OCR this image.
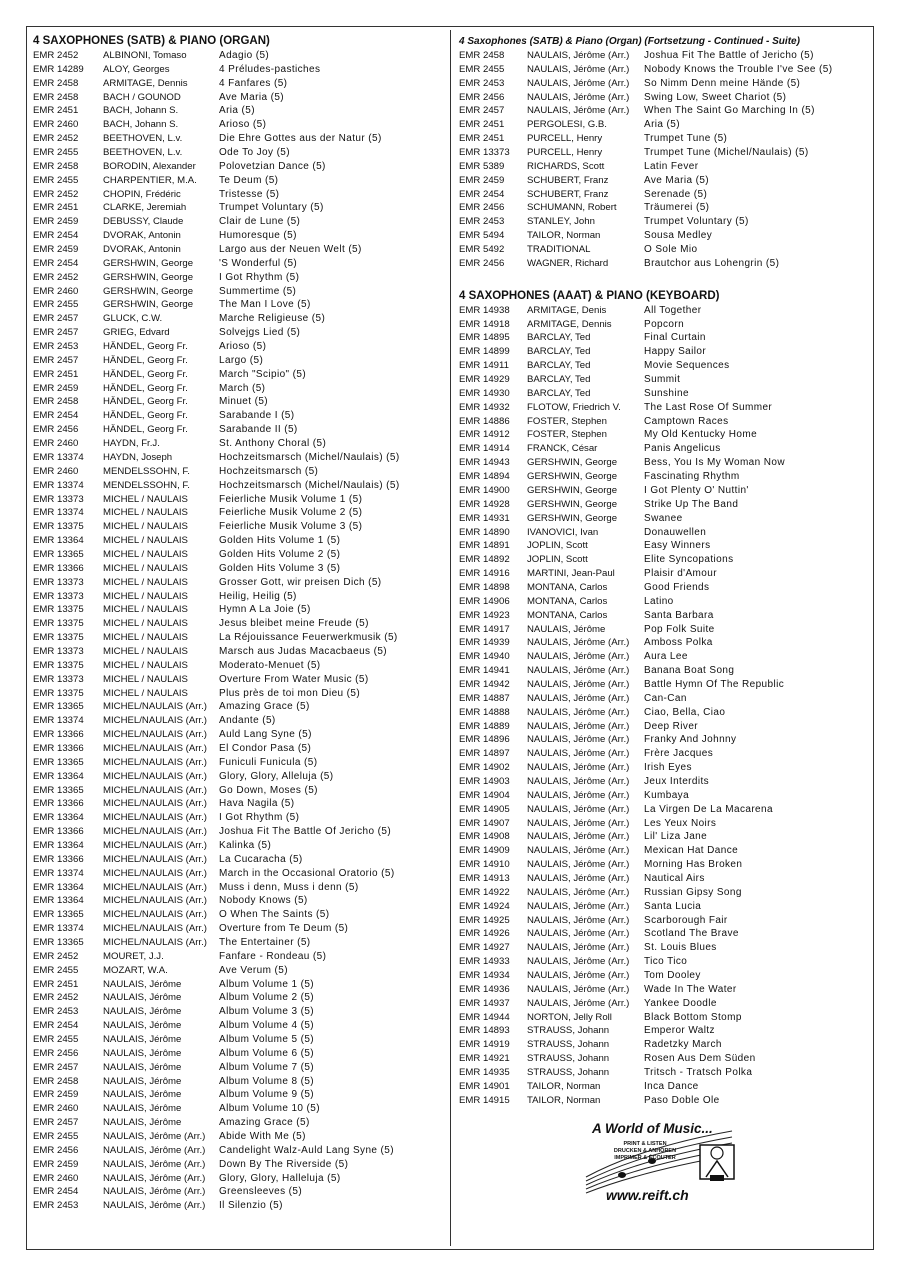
4 SAXOPHONES (SATB) & PIANO (ORGAN)
EMR 2452	ALBINONI, Tomaso	Adagio (5)
EMR 14289	ALOY, Georges	4 Préludes-pastiches
EMR 2458	ARMITAGE, Dennis	4 Fanfares (5)
EMR 2458	BACH / GOUNOD	Ave Maria (5)
EMR 2451	BACH, Johann S.	Aria (5)
EMR 2460	BACH, Johann S.	Arioso (5)
EMR 2452	BEETHOVEN, L.v.	Die Ehre Gottes aus der Natur (5)
EMR 2455	BEETHOVEN, L.v.	Ode To Joy (5)
EMR 2458	BORODIN, Alexander	Polovetzian Dance (5)
EMR 2455	CHARPENTIER, M.A.	Te Deum (5)
EMR 2452	CHOPIN, Frédéric	Tristesse (5)
EMR 2451	CLARKE, Jeremiah	Trumpet Voluntary (5)
EMR 2459	DEBUSSY, Claude	Clair de Lune (5)
EMR 2454	DVORAK, Antonin	Humoresque (5)
EMR 2459	DVORAK, Antonin	Largo aus der Neuen Welt (5)
EMR 2454	GERSHWIN, George	'S Wonderful (5)
EMR 2452	GERSHWIN, George	I Got Rhythm (5)
EMR 2460	GERSHWIN, George	Summertime (5)
EMR 2455	GERSHWIN, George	The Man I Love (5)
EMR 2457	GLUCK, C.W.	Marche Religieuse (5)
EMR 2457	GRIEG, Edvard	Solvejgs Lied (5)
EMR 2453	HÄNDEL, Georg Fr.	Arioso (5)
EMR 2457	HÄNDEL, Georg Fr.	Largo (5)
EMR 2451	HÄNDEL, Georg Fr.	March "Scipio" (5)
EMR 2459	HÄNDEL, Georg Fr.	March (5)
EMR 2458	HÄNDEL, Georg Fr.	Minuet (5)
EMR 2454	HÄNDEL, Georg Fr.	Sarabande I (5)
EMR 2456	HÄNDEL, Georg Fr.	Sarabande II (5)
EMR 2460	HAYDN, Fr.J.	St. Anthony Choral (5)
EMR 13374	HAYDN, Joseph	Hochzeitsmarsch (Michel/Naulais) (5)
EMR 2460	MENDELSSOHN, F.	Hochzeitsmarsch (5)
EMR 13374	MENDELSSOHN, F.	Hochzeitsmarsch (Michel/Naulais) (5)
EMR 13373	MICHEL / NAULAIS	Feierliche Musik Volume 1 (5)
EMR 13374	MICHEL / NAULAIS	Feierliche Musik Volume 2 (5)
EMR 13375	MICHEL / NAULAIS	Feierliche Musik Volume 3 (5)
EMR 13364	MICHEL / NAULAIS	Golden Hits Volume 1 (5)
EMR 13365	MICHEL / NAULAIS	Golden Hits Volume 2 (5)
EMR 13366	MICHEL / NAULAIS	Golden Hits Volume 3 (5)
EMR 13373	MICHEL / NAULAIS	Grosser Gott, wir preisen Dich (5)
EMR 13373	MICHEL / NAULAIS	Heilig, Heilig (5)
EMR 13375	MICHEL / NAULAIS	Hymn A La Joie (5)
EMR 13375	MICHEL / NAULAIS	Jesus bleibet meine Freude (5)
EMR 13375	MICHEL / NAULAIS	La Réjouissance Feuerwerkmusik (5)
EMR 13373	MICHEL / NAULAIS	Marsch aus Judas Macacbaeus (5)
EMR 13375	MICHEL / NAULAIS	Moderato-Menuet (5)
EMR 13373	MICHEL / NAULAIS	Overture From Water Music (5)
EMR 13375	MICHEL / NAULAIS	Plus près de toi mon Dieu (5)
EMR 13365	MICHEL/NAULAIS (Arr.)	Amazing Grace (5)
EMR 13374	MICHEL/NAULAIS (Arr.)	Andante (5)
EMR 13366	MICHEL/NAULAIS (Arr.)	Auld Lang Syne (5)
EMR 13366	MICHEL/NAULAIS (Arr.)	El Condor Pasa (5)
EMR 13365	MICHEL/NAULAIS (Arr.)	Funiculi Funicula (5)
EMR 13364	MICHEL/NAULAIS (Arr.)	Glory, Glory, Alleluja (5)
EMR 13365	MICHEL/NAULAIS (Arr.)	Go Down, Moses (5)
EMR 13366	MICHEL/NAULAIS (Arr.)	Hava Nagila (5)
EMR 13364	MICHEL/NAULAIS (Arr.)	I Got Rhythm (5)
EMR 13366	MICHEL/NAULAIS (Arr.)	Joshua Fit The Battle Of Jericho (5)
EMR 13364	MICHEL/NAULAIS (Arr.)	Kalinka (5)
EMR 13366	MICHEL/NAULAIS (Arr.)	La Cucaracha (5)
EMR 13374	MICHEL/NAULAIS (Arr.)	March in the Occasional Oratorio (5)
EMR 13364	MICHEL/NAULAIS (Arr.)	Muss i denn, Muss i denn (5)
EMR 13364	MICHEL/NAULAIS (Arr.)	Nobody Knows (5)
EMR 13365	MICHEL/NAULAIS (Arr.)	O When The Saints (5)
EMR 13374	MICHEL/NAULAIS (Arr.)	Overture from Te Deum (5)
EMR 13365	MICHEL/NAULAIS (Arr.)	The Entertainer (5)
EMR 2452	MOURET, J.J.	Fanfare - Rondeau (5)
EMR 2455	MOZART, W.A.	Ave Verum (5)
EMR 2451	NAULAIS, Jérôme	Album Volume 1 (5)
EMR 2452	NAULAIS, Jérôme	Album Volume 2 (5)
EMR 2453	NAULAIS, Jérôme	Album Volume 3 (5)
EMR 2454	NAULAIS, Jérôme	Album Volume 4 (5)
EMR 2455	NAULAIS, Jérôme	Album Volume 5 (5)
EMR 2456	NAULAIS, Jérôme	Album Volume 6 (5)
EMR 2457	NAULAIS, Jérôme	Album Volume 7 (5)
EMR 2458	NAULAIS, Jérôme	Album Volume 8 (5)
EMR 2459	NAULAIS, Jérôme	Album Volume 9 (5)
EMR 2460	NAULAIS, Jérôme	Album Volume 10 (5)
EMR 2457	NAULAIS, Jérôme	Amazing Grace (5)
EMR 2455	NAULAIS, Jérôme (Arr.)	Abide With Me (5)
EMR 2456	NAULAIS, Jérôme (Arr.)	Candelight Walz-Auld Lang Syne (5)
EMR 2459	NAULAIS, Jérôme (Arr.)	Down By The Riverside (5)
EMR 2460	NAULAIS, Jérôme (Arr.)	Glory, Glory, Halleluja (5)
EMR 2454	NAULAIS, Jérôme (Arr.)	Greensleeves (5)
EMR 2453	NAULAIS, Jérôme (Arr.)	Il Silenzio (5)
4 Saxophones (SATB) & Piano (Organ) (Fortsetzung - Continued - Suite)
EMR 2458	NAULAIS, Jérôme (Arr.)	Joshua Fit The Battle of Jericho (5)
EMR 2455	NAULAIS, Jérôme (Arr.)	Nobody Knows the Trouble I've See (5)
EMR 2453	NAULAIS, Jérôme (Arr.)	So Nimm Denn meine Hände (5)
EMR 2456	NAULAIS, Jérôme (Arr.)	Swing Low, Sweet Chariot (5)
EMR 2457	NAULAIS, Jérôme (Arr.)	When The Saint Go Marching In (5)
EMR 2451	PERGOLESI, G.B.	Aria (5)
EMR 2451	PURCELL, Henry	Trumpet Tune (5)
EMR 13373	PURCELL, Henry	Trumpet Tune (Michel/Naulais) (5)
EMR 5389	RICHARDS, Scott	Latin Fever
EMR 2459	SCHUBERT, Franz	Ave Maria (5)
EMR 2454	SCHUBERT, Franz	Serenade (5)
EMR 2456	SCHUMANN, Robert	Träumerei (5)
EMR 2453	STANLEY, John	Trumpet Voluntary (5)
EMR 5494	TAILOR, Norman	Sousa Medley
EMR 5492	TRADITIONAL	O Sole Mio
EMR 2456	WAGNER, Richard	Brautchor aus Lohengrin (5)
4 SAXOPHONES (AAAT) & PIANO (KEYBOARD)
EMR 14938	ARMITAGE, Denis	All Together
EMR 14918	ARMITAGE, Dennis	Popcorn
EMR 14895	BARCLAY, Ted	Final Curtain
EMR 14899	BARCLAY, Ted	Happy Sailor
EMR 14911	BARCLAY, Ted	Movie Sequences
EMR 14929	BARCLAY, Ted	Summit
EMR 14930	BARCLAY, Ted	Sunshine
EMR 14932	FLOTOW, Friedrich V.	The Last Rose Of Summer
EMR 14886	FOSTER, Stephen	Camptown Races
EMR 14912	FOSTER, Stephen	My Old Kentucky Home
EMR 14914	FRANCK, César	Panis Angelicus
EMR 14943	GERSHWIN, George	Bess, You Is My Woman Now
EMR 14894	GERSHWIN, George	Fascinating Rhythm
EMR 14900	GERSHWIN, George	I Got Plenty O' Nuttin'
EMR 14928	GERSHWIN, George	Strike Up The Band
EMR 14931	GERSHWIN, George	Swanee
EMR 14890	IVANOVICI, Ivan	Donauwellen
EMR 14891	JOPLIN, Scott	Easy Winners
EMR 14892	JOPLIN, Scott	Elite Syncopations
EMR 14916	MARTINI, Jean-Paul	Plaisir d'Amour
EMR 14898	MONTANA, Carlos	Good Friends
EMR 14906	MONTANA, Carlos	Latino
EMR 14923	MONTANA, Carlos	Santa Barbara
EMR 14917	NAULAIS, Jérôme	Pop Folk Suite
EMR 14939	NAULAIS, Jérôme (Arr.)	Amboss Polka
EMR 14940	NAULAIS, Jérôme (Arr.)	Aura Lee
EMR 14941	NAULAIS, Jérôme (Arr.)	Banana Boat Song
EMR 14942	NAULAIS, Jérôme (Arr.)	Battle Hymn Of The Republic
EMR 14887	NAULAIS, Jérôme (Arr.)	Can-Can
EMR 14888	NAULAIS, Jérôme (Arr.)	Ciao, Bella, Ciao
EMR 14889	NAULAIS, Jérôme (Arr.)	Deep River
EMR 14896	NAULAIS, Jérôme (Arr.)	Franky And Johnny
EMR 14897	NAULAIS, Jérôme (Arr.)	Frère Jacques
EMR 14902	NAULAIS, Jérôme (Arr.)	Irish Eyes
EMR 14903	NAULAIS, Jérôme (Arr.)	Jeux Interdits
EMR 14904	NAULAIS, Jérôme (Arr.)	Kumbaya
EMR 14905	NAULAIS, Jérôme (Arr.)	La Virgen De La Macarena
EMR 14907	NAULAIS, Jérôme (Arr.)	Les Yeux Noirs
EMR 14908	NAULAIS, Jérôme (Arr.)	Lil' Liza Jane
EMR 14909	NAULAIS, Jérôme (Arr.)	Mexican Hat Dance
EMR 14910	NAULAIS, Jérôme (Arr.)	Morning Has Broken
EMR 14913	NAULAIS, Jérôme (Arr.)	Nautical Airs
EMR 14922	NAULAIS, Jérôme (Arr.)	Russian Gipsy Song
EMR 14924	NAULAIS, Jérôme (Arr.)	Santa Lucia
EMR 14925	NAULAIS, Jérôme (Arr.)	Scarborough Fair
EMR 14926	NAULAIS, Jérôme (Arr.)	Scotland The Brave
EMR 14927	NAULAIS, Jérôme (Arr.)	St. Louis Blues
EMR 14933	NAULAIS, Jérôme (Arr.)	Tico Tico
EMR 14934	NAULAIS, Jérôme (Arr.)	Tom Dooley
EMR 14936	NAULAIS, Jérôme (Arr.)	Wade In The Water
EMR 14937	NAULAIS, Jérôme (Arr.)	Yankee Doodle
EMR 14944	NORTON, Jelly Roll	Black Bottom Stomp
EMR 14893	STRAUSS, Johann	Emperor Waltz
EMR 14919	STRAUSS, Johann	Radetzky March
EMR 14921	STRAUSS, Johann	Rosen Aus Dem Süden
EMR 14935	STRAUSS, Johann	Tritsch - Tratsch Polka
EMR 14901	TAILOR, Norman	Inca Dance
EMR 14915	TAILOR, Norman	Paso Doble Ole
A World of Music...
PRINT & LISTEN
DRUCKEN & ANHÖREN
IMPRIMER & ÉCOUTER
www.reift.ch
